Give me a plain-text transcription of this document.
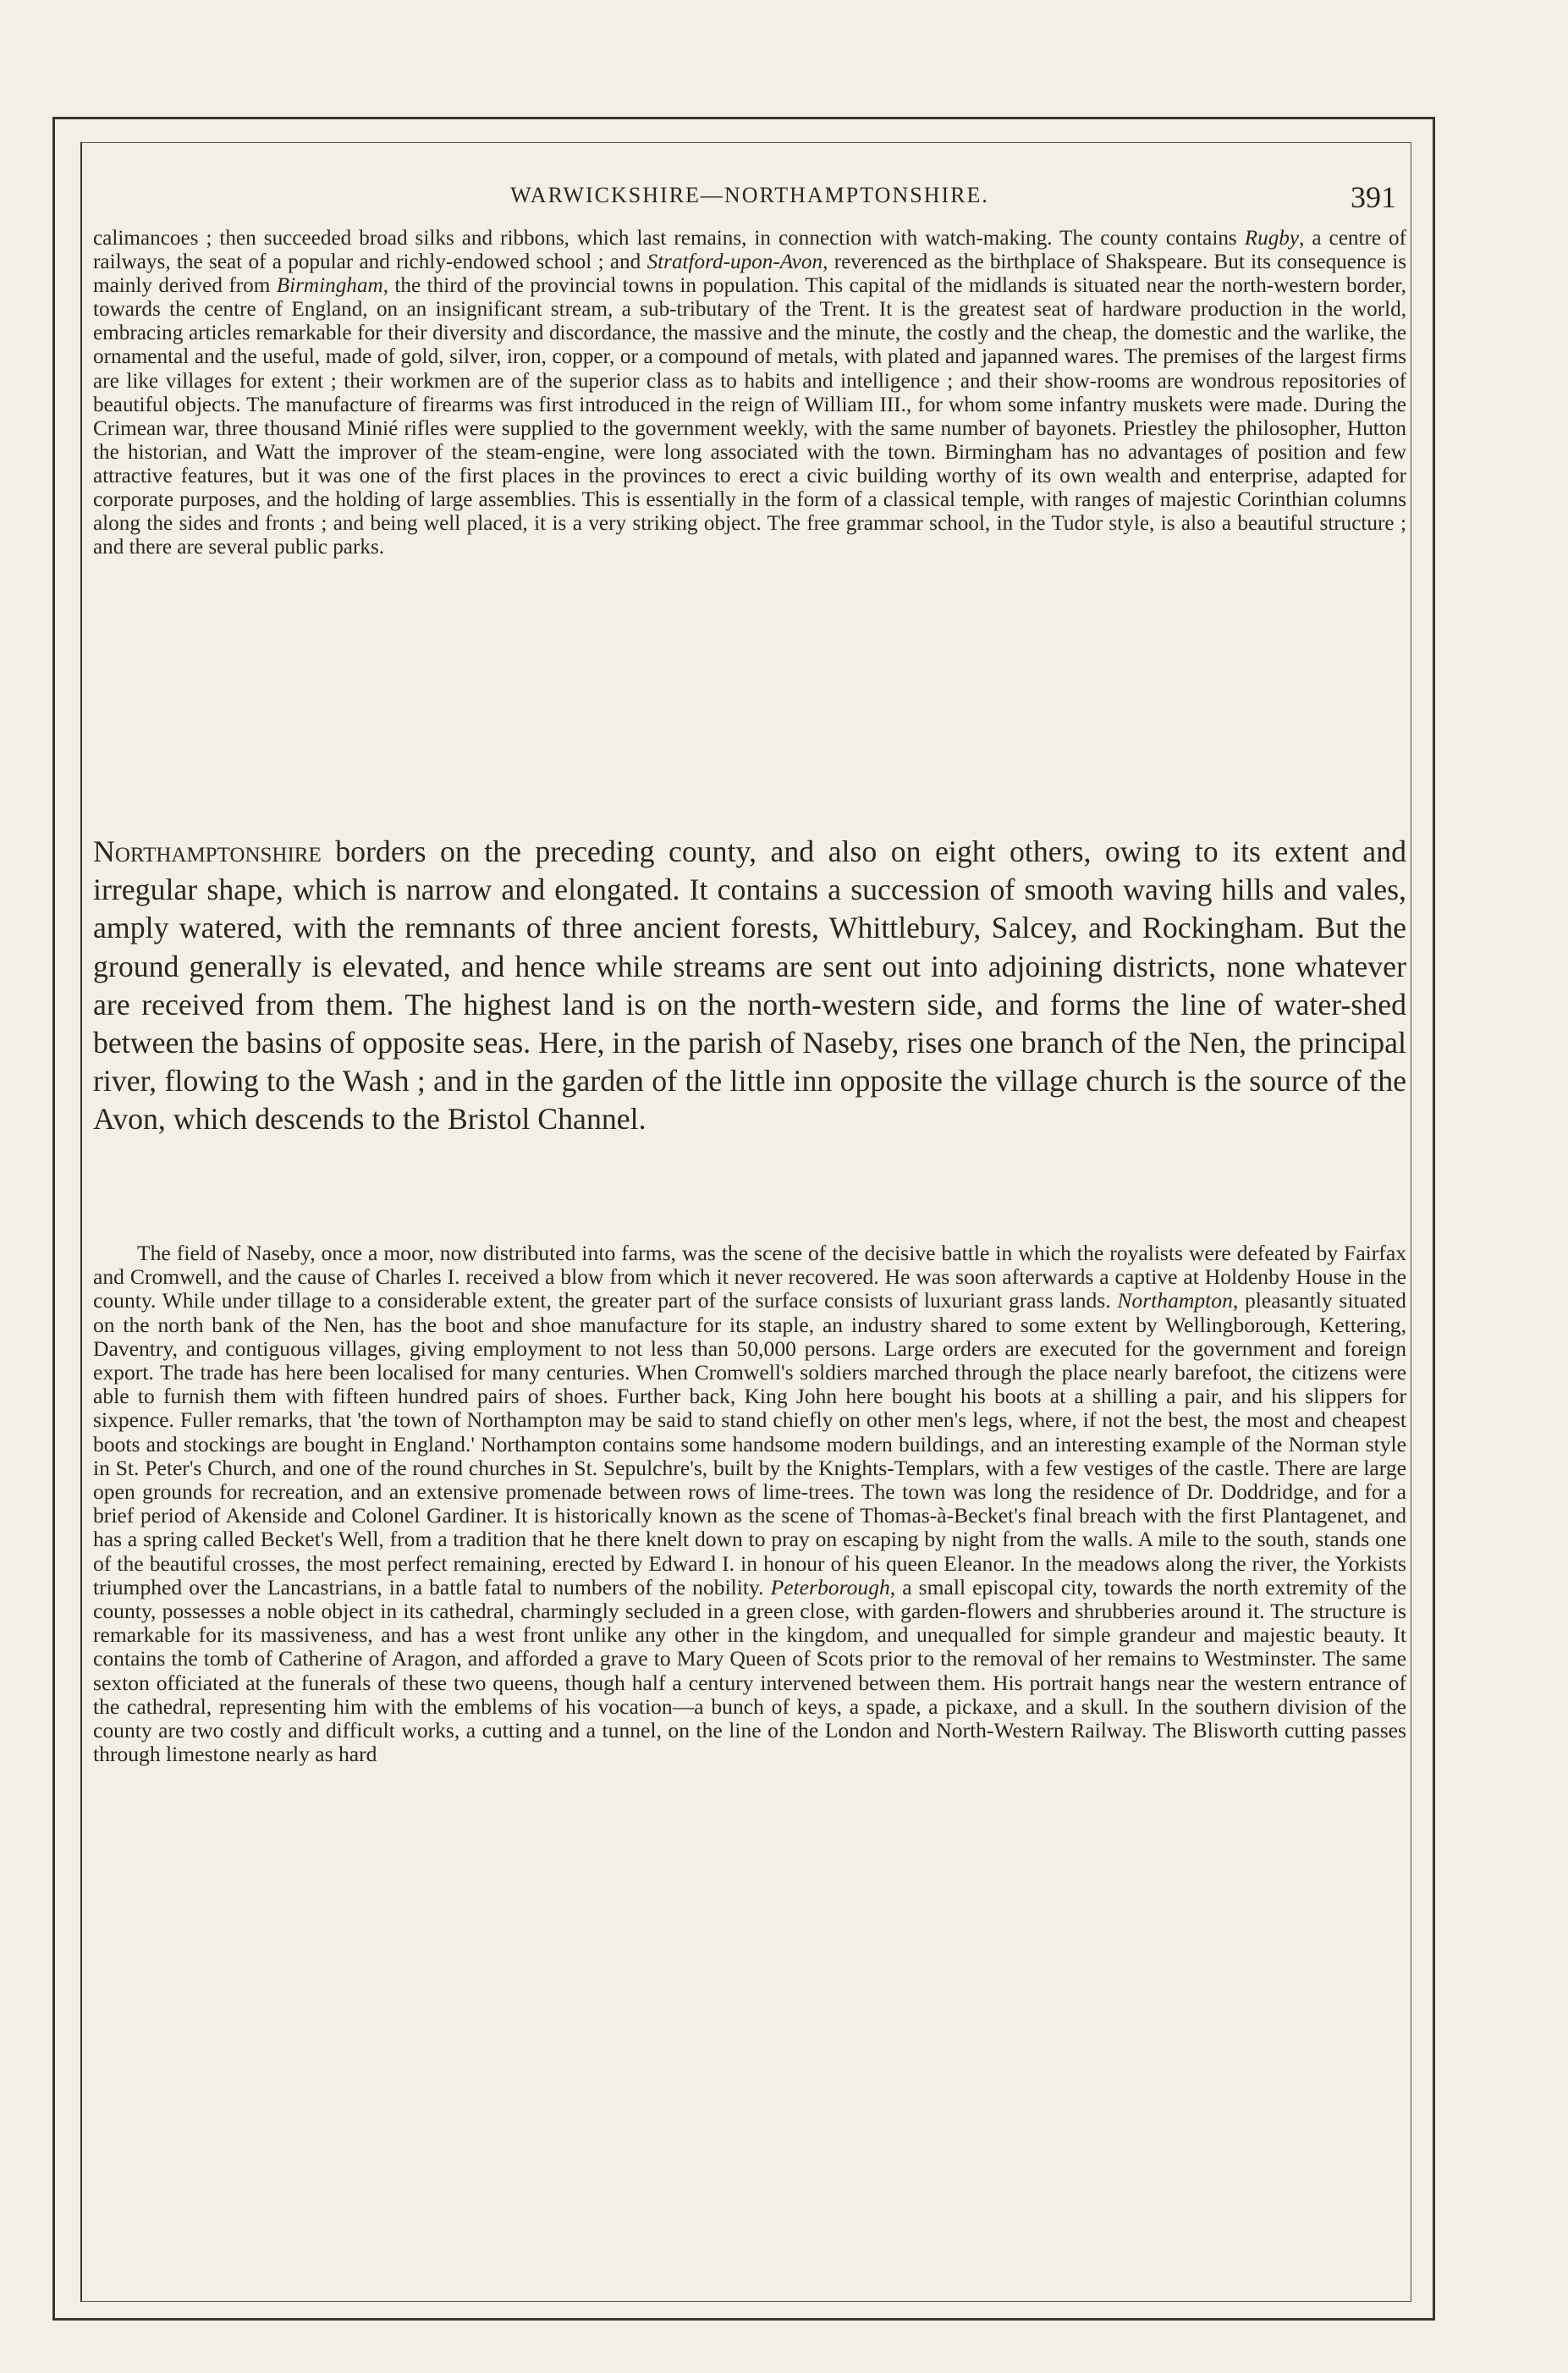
WARWICKSHIRE—NORTHAMPTONSHIRE.	391

calimancoes ; then succeeded broad silks and ribbons, which last remains, in connection with watch-making. The county contains Rugby, a centre of railways, the seat of a popular and richly-endowed school ; and Stratford-upon-Avon, reverenced as the birthplace of Shakspeare. But its consequence is mainly derived from Birmingham, the third of the provincial towns in population. This capital of the midlands is situated near the north-western border, towards the centre of England, on an insignificant stream, a sub-tributary of the Trent. It is the greatest seat of hardware production in the world, embracing articles remarkable for their diversity and discordance, the massive and the minute, the costly and the cheap, the domestic and the warlike, the ornamental and the useful, made of gold, silver, iron, copper, or a compound of metals, with plated and japanned wares. The premises of the largest firms are like villages for extent ; their workmen are of the superior class as to habits and intelligence ; and their show-rooms are wondrous repositories of beautiful objects. The manufacture of firearms was first introduced in the reign of William III., for whom some infantry muskets were made. During the Crimean war, three thousand Minié rifles were supplied to the government weekly, with the same number of bayonets. Priestley the philosopher, Hutton the historian, and Watt the improver of the steam-engine, were long associated with the town. Birmingham has no advantages of position and few attractive features, but it was one of the first places in the provinces to erect a civic building worthy of its own wealth and enterprise, adapted for corporate purposes, and the holding of large assemblies. This is essentially in the form of a classical temple, with ranges of majestic Corinthian columns along the sides and fronts ; and being well placed, it is a very striking object. The free grammar school, in the Tudor style, is also a beautiful structure ; and there are several public parks.

Northamptonshire borders on the preceding county, and also on eight others, owing to its extent and irregular shape, which is narrow and elongated. It contains a succession of smooth waving hills and vales, amply watered, with the remnants of three ancient forests, Whittlebury, Salcey, and Rockingham. But the ground generally is elevated, and hence while streams are sent out into adjoining districts, none whatever are received from them. The highest land is on the north-western side, and forms the line of water-shed between the basins of opposite seas. Here, in the parish of Naseby, rises one branch of the Nen, the principal river, flowing to the Wash ; and in the garden of the little inn opposite the village church is the source of the Avon, which descends to the Bristol Channel.

The field of Naseby, once a moor, now distributed into farms, was the scene of the decisive battle in which the royalists were defeated by Fairfax and Cromwell, and the cause of Charles I. received a blow from which it never recovered. He was soon afterwards a captive at Holdenby House in the county. While under tillage to a considerable extent, the greater part of the surface consists of luxuriant grass lands. Northampton, pleasantly situated on the north bank of the Nen, has the boot and shoe manufacture for its staple, an industry shared to some extent by Wellingborough, Kettering, Daventry, and contiguous villages, giving employment to not less than 50,000 persons. Large orders are executed for the government and foreign export. The trade has here been localised for many centuries. When Cromwell's soldiers marched through the place nearly barefoot, the citizens were able to furnish them with fifteen hundred pairs of shoes. Further back, King John here bought his boots at a shilling a pair, and his slippers for sixpence. Fuller remarks, that 'the town of Northampton may be said to stand chiefly on other men's legs, where, if not the best, the most and cheapest boots and stockings are bought in England.' Northampton contains some handsome modern buildings, and an interesting example of the Norman style in St. Peter's Church, and one of the round churches in St. Sepulchre's, built by the Knights-Templars, with a few vestiges of the castle. There are large open grounds for recreation, and an extensive promenade between rows of lime-trees. The town was long the residence of Dr. Doddridge, and for a brief period of Akenside and Colonel Gardiner. It is historically known as the scene of Thomas-à-Becket's final breach with the first Plantagenet, and has a spring called Becket's Well, from a tradition that he there knelt down to pray on escaping by night from the walls. A mile to the south, stands one of the beautiful crosses, the most perfect remaining, erected by Edward I. in honour of his queen Eleanor. In the meadows along the river, the Yorkists triumphed over the Lancastrians, in a battle fatal to numbers of the nobility. Peterborough, a small episcopal city, towards the north extremity of the county, possesses a noble object in its cathedral, charmingly secluded in a green close, with garden-flowers and shrubberies around it. The structure is remarkable for its massiveness, and has a west front unlike any other in the kingdom, and unequalled for simple grandeur and majestic beauty. It contains the tomb of Catherine of Aragon, and afforded a grave to Mary Queen of Scots prior to the removal of her remains to Westminster. The same sexton officiated at the funerals of these two queens, though half a century intervened between them. His portrait hangs near the western entrance of the cathedral, representing him with the emblems of his vocation—a bunch of keys, a spade, a pickaxe, and a skull. In the southern division of the county are two costly and difficult works, a cutting and a tunnel, on the line of the London and North-Western Railway. The Blisworth cutting passes through limestone nearly as hard
